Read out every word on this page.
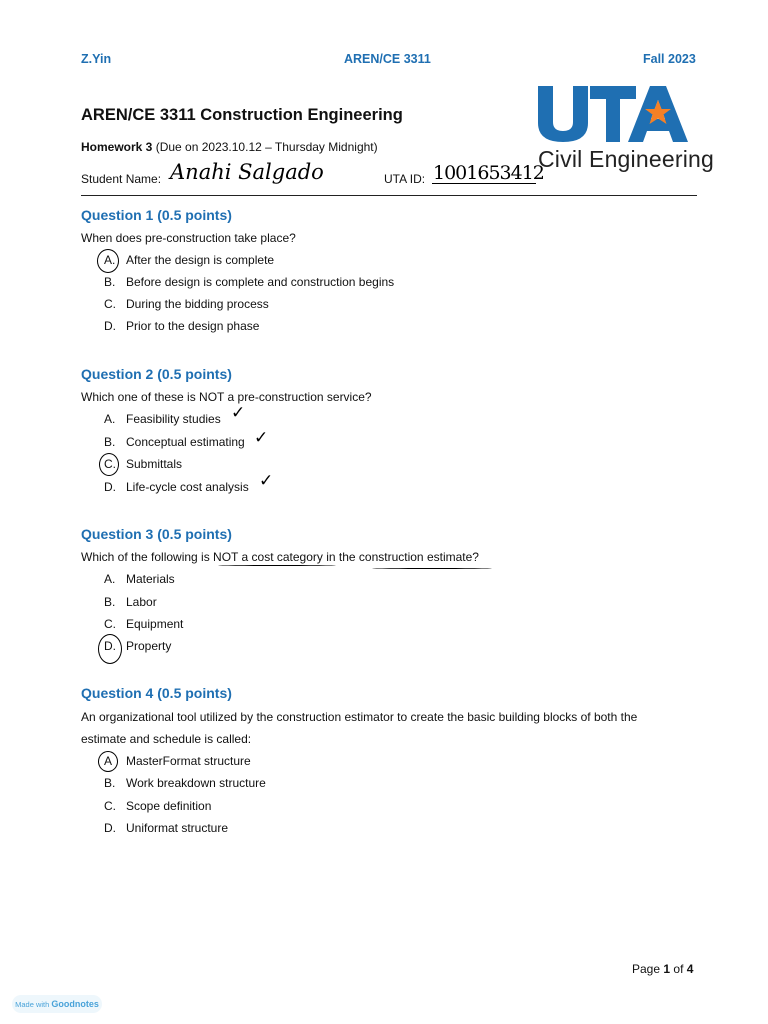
Z.Yin	AREN/CE 3311	Fall 2023
AREN/CE 3311 Construction Engineering
Civil Engineering
Homework 3 (Due on 2023.10.12 – Thursday Midnight)
Student Name: Anahi Salgado	UTA ID: 1001653412
Question 1 (0.5 points)
When does pre-construction take place?
A. After the design is complete
B. Before design is complete and construction begins
C. During the bidding process
D. Prior to the design phase
Question 2 (0.5 points)
Which one of these is NOT a pre-construction service?
A. Feasibility studies ✓
B. Conceptual estimating ✓
C. Submittals
D. Life-cycle cost analysis ✓
Question 3 (0.5 points)
Which of the following is NOT a cost category in the construction estimate?
A. Materials
B. Labor
C. Equipment
D. Property
Question 4 (0.5 points)
An organizational tool utilized by the construction estimator to create the basic building blocks of both the
estimate and schedule is called:
A MasterFormat structure
B. Work breakdown structure
C. Scope definition
D. Uniformat structure
Page 1 of 4
Made with Goodnotes
